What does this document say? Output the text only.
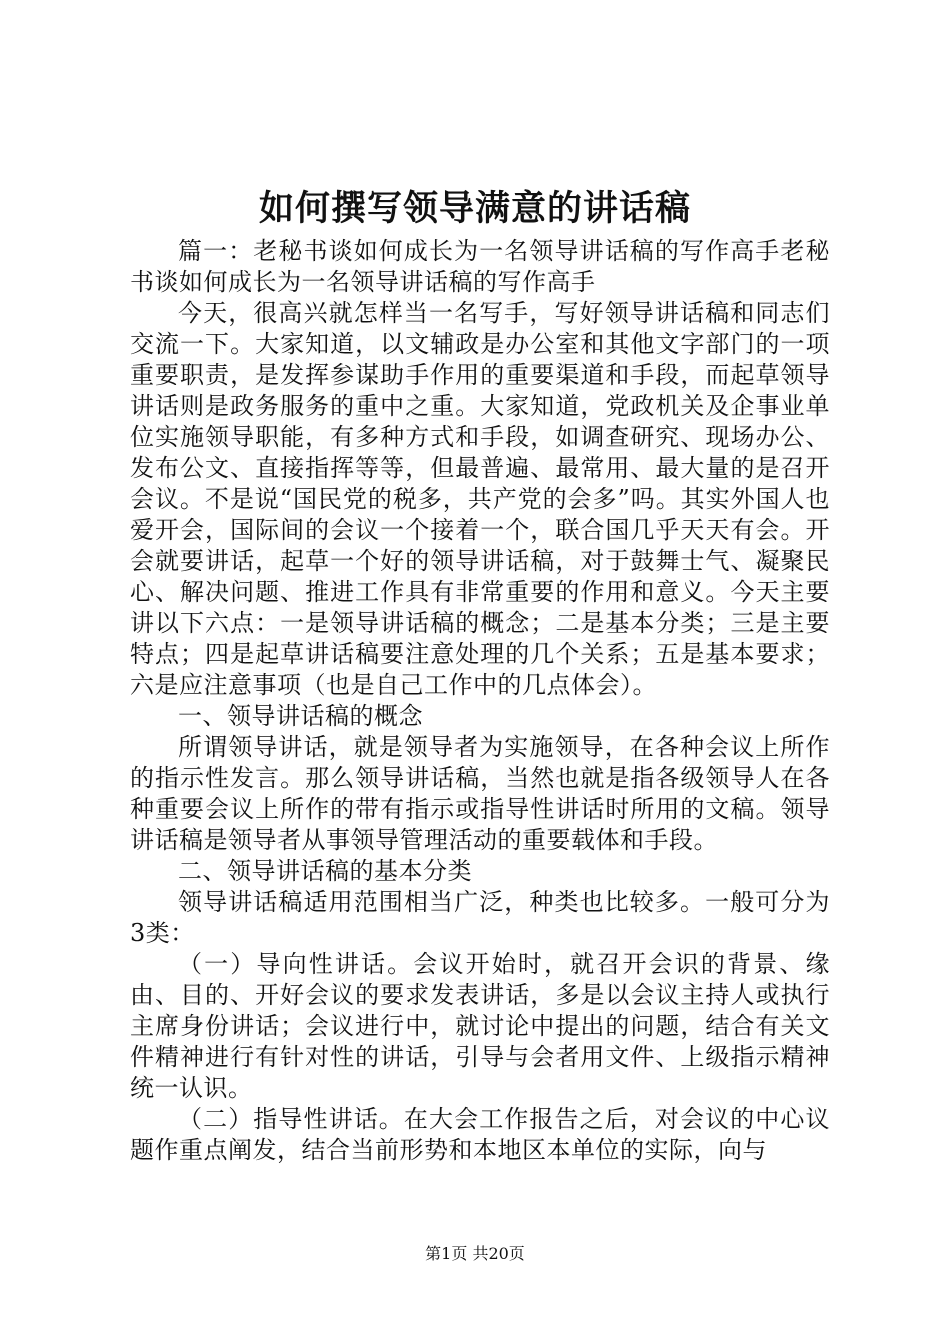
如何撰写领导满意的讲话稿

篇一：老秘书谈如何成长为一名领导讲话稿的写作高手老秘书谈如何成长为一名领导讲话稿的写作高手

今天，很高兴就怎样当一名写手，写好领导讲话稿和同志们交流一下。大家知道，以文辅政是办公室和其他文字部门的一项重要职责，是发挥参谋助手作用的重要渠道和手段，而起草领导讲话则是政务服务的重中之重。大家知道，党政机关及企事业单位实施领导职能，有多种方式和手段，如调查研究、现场办公、发布公文、直接指挥等等，但最普遍、最常用、最大量的是召开会议。不是说“国民党的税多，共产党的会多”吗。其实外国人也爱开会，国际间的会议一个接着一个，联合国几乎天天有会。开会就要讲话，起草一个好的领导讲话稿，对于鼓舞士气、凝聚民心、解决问题、推进工作具有非常重要的作用和意义。今天主要讲以下六点：一是领导讲话稿的概念；二是基本分类；三是主要特点；四是起草讲话稿要注意处理的几个关系；五是基本要求；六是应注意事项（也是自己工作中的几点体会）。

一、领导讲话稿的概念

所谓领导讲话，就是领导者为实施领导，在各种会议上所作的指示性发言。那么领导讲话稿，当然也就是指各级领导人在各种重要会议上所作的带有指示或指导性讲话时所用的文稿。领导讲话稿是领导者从事领导管理活动的重要载体和手段。

二、领导讲话稿的基本分类

领导讲话稿适用范围相当广泛，种类也比较多。一般可分为3类：

（一）导向性讲话。会议开始时，就召开会识的背景、缘由、目的、开好会议的要求发表讲话，多是以会议主持人或执行主席身份讲话；会议进行中，就讨论中提出的问题，结合有关文件精神进行有针对性的讲话，引导与会者用文件、上级指示精神统一认识。

（二）指导性讲话。在大会工作报告之后，对会议的中心议题作重点阐发，结合当前形势和本地区本单位的实际，向与

第1页 共20页
